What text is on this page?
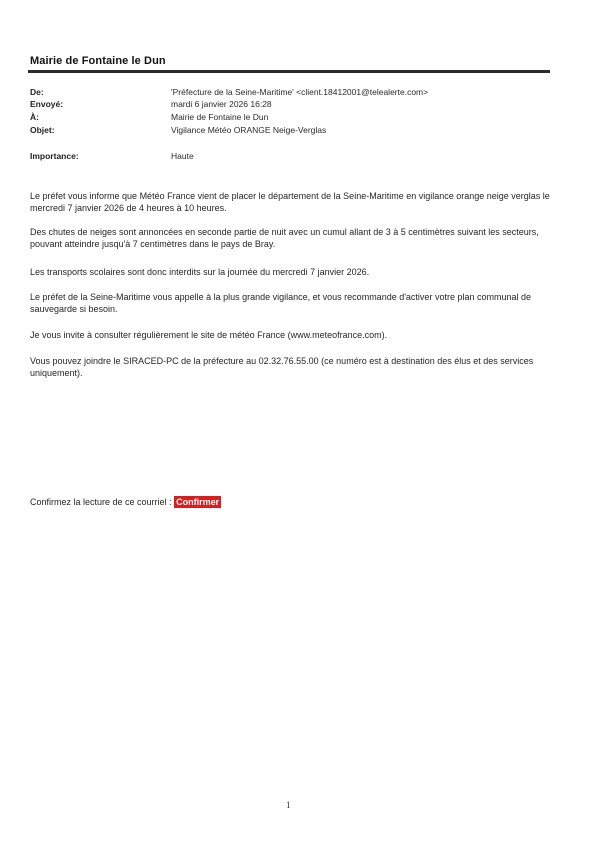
Mairie de Fontaine le Dun
De:	'Préfecture de la Seine-Maritime' <client.18412001@telealerte.com>
Envoyé:	mardi 6 janvier 2026 16:28
À:	Mairie de Fontaine le Dun
Objet:	Vigilance Météo ORANGE Neige-Verglas
Importance:	Haute

Le préfet vous informe que Météo France vient de placer le département de la Seine-Maritime en vigilance orange neige verglas le mercredi 7 janvier 2026 de 4 heures à 10 heures.

Des chutes de neiges sont annoncées en seconde partie de nuit avec un cumul allant de 3 à 5 centimètres suivant les secteurs, pouvant atteindre jusqu'à 7 centimètres dans le pays de Bray.

Les transports scolaires sont donc interdits sur la journée du mercredi 7 janvier 2026.

Le préfet de la Seine-Maritime vous appelle à la plus grande vigilance, et vous recommande d'activer votre plan communal de sauvegarde si besoin.

Je vous invite à consulter régulièrement le site de météo France (www.meteofrance.com).

Vous pouvez joindre le SIRACED-PC de la préfecture au 02.32.76.55.00 (ce numéro est à destination des élus et des services uniquement).

Confirmez la lecture de ce courriel : Confirmer
1
